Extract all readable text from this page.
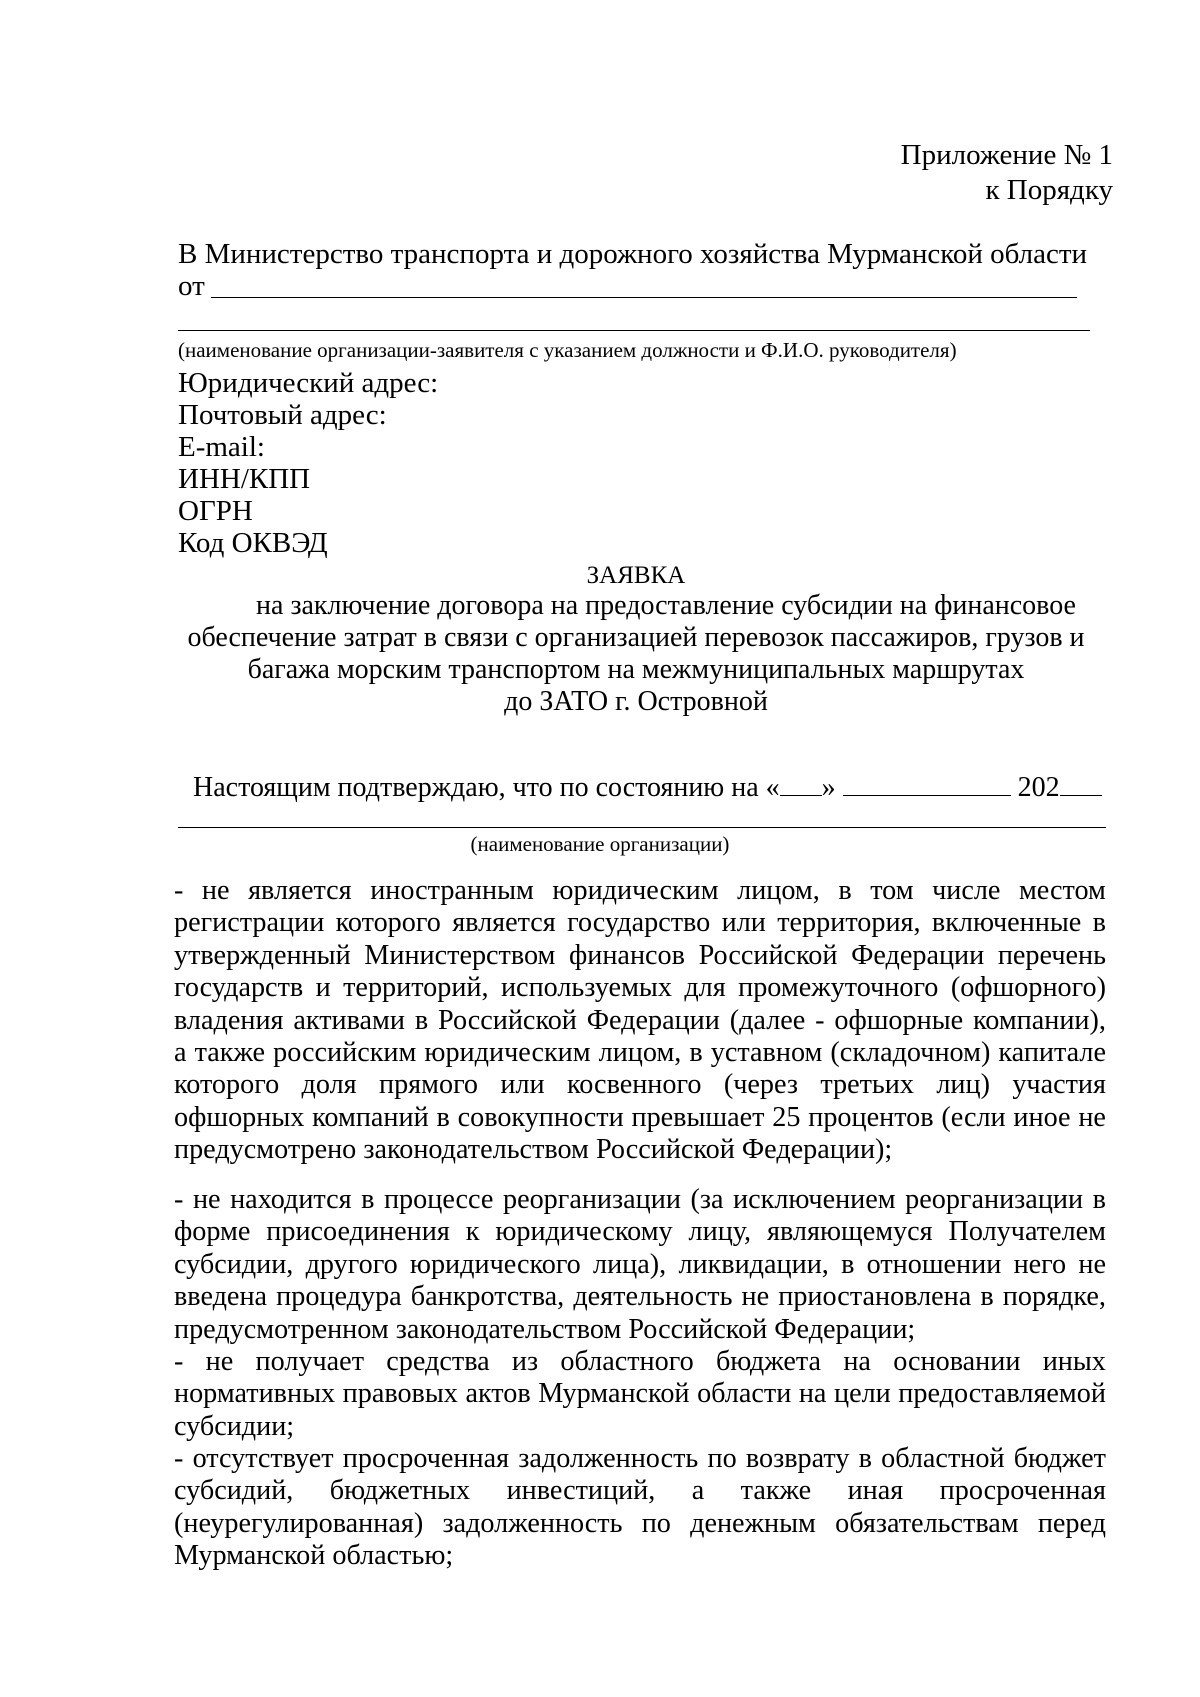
Приложение № 1
к Порядку
В Министерство транспорта и дорожного хозяйства Мурманской области
от
(наименование организации-заявителя с указанием должности и Ф.И.О. руководителя)
Юридический адрес:
Почтовый адрес:
E-mail:
ИНН/КПП
ОГРН
Код ОКВЭД
ЗАЯВКА
на заключение договора на предоставление субсидии на финансовое
обеспечение затрат в связи с организацией перевозок пассажиров, грузов и
багажа морским транспортом на межмуниципальных маршрутах
до ЗАТО г. Островной
Настоящим подтверждаю, что по состоянию на « »	202
(наименование организации)
- не является иностранным юридическим лицом, в том числе местом
регистрации которого является государство или территория, включенные в
утвержденный Министерством финансов Российской Федерации перечень
государств и территорий, используемых для промежуточного (офшорного)
владения активами в Российской Федерации (далее - офшорные компании),
а также российским юридическим лицом, в уставном (складочном) капитале
которого доля прямого или косвенного (через третьих лиц) участия
офшорных компаний в совокупности превышает 25 процентов (если иное не
предусмотрено законодательством Российской Федерации);
- не находится в процессе реорганизации (за исключением реорганизации в
форме присоединения к юридическому лицу, являющемуся Получателем
субсидии, другого юридического лица), ликвидации, в отношении него не
введена процедура банкротства, деятельность не приостановлена в порядке,
предусмотренном законодательством Российской Федерации;
- не получает средства из областного бюджета на основании иных
нормативных правовых актов Мурманской области на цели предоставляемой
субсидии;
- отсутствует просроченная задолженность по возврату в областной бюджет
субсидий, бюджетных инвестиций, а также иная просроченная
(неурегулированная) задолженность по денежным обязательствам перед
Мурманской областью;
